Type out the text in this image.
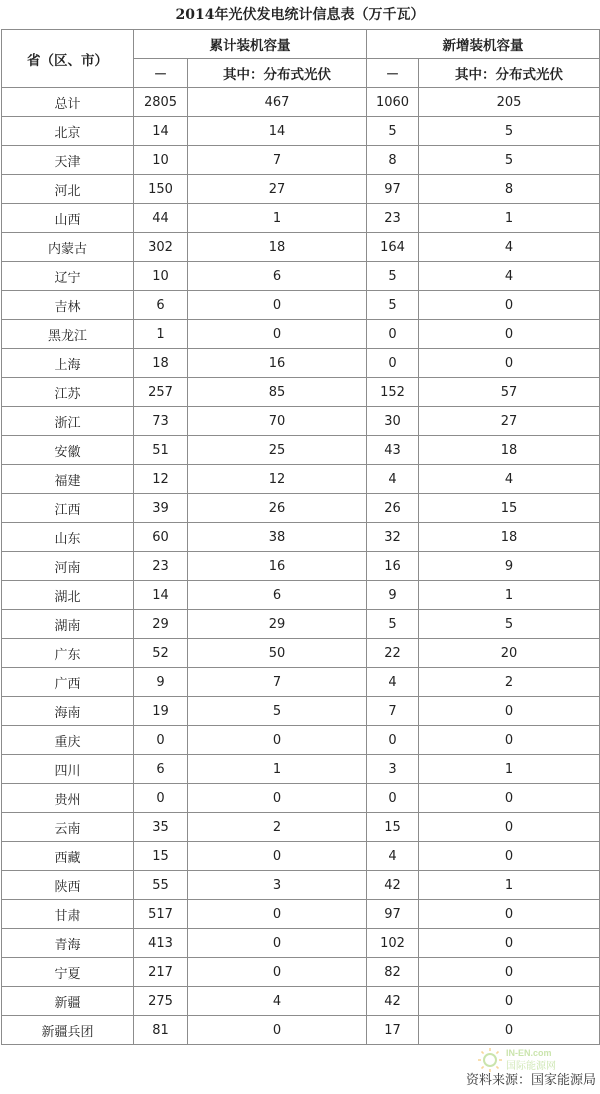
2014年光伏发电统计信息表（万千瓦）
省（区、市）	累计装机容量		新增装机容量	
	－	其中：分布式光伏	－	其中：分布式光伏
总计	2805	467	1060	205
北京	14	14	5	5
天津	10	7	8	5
河北	150	27	97	8
山西	44	1	23	1
内蒙古	302	18	164	4
辽宁	10	6	5	4
吉林	6	0	5	0
黑龙江	1	0	0	0
上海	18	16	0	0
江苏	257	85	152	57
浙江	73	70	30	27
安徽	51	25	43	18
福建	12	12	4	4
江西	39	26	26	15
山东	60	38	32	18
河南	23	16	16	9
湖北	14	6	9	1
湖南	29	29	5	5
广东	52	50	22	20
广西	9	7	4	2
海南	19	5	7	0
重庆	0	0	0	0
四川	6	1	3	1
贵州	0	0	0	0
云南	35	2	15	0
西藏	15	0	4	0
陕西	55	3	42	1
甘肃	517	0	97	0
青海	413	0	102	0
宁夏	217	0	82	0
新疆	275	4	42	0
新疆兵团	81	0	17	0
IN-EN.com
国际能源网
资料来源：国家能源局
